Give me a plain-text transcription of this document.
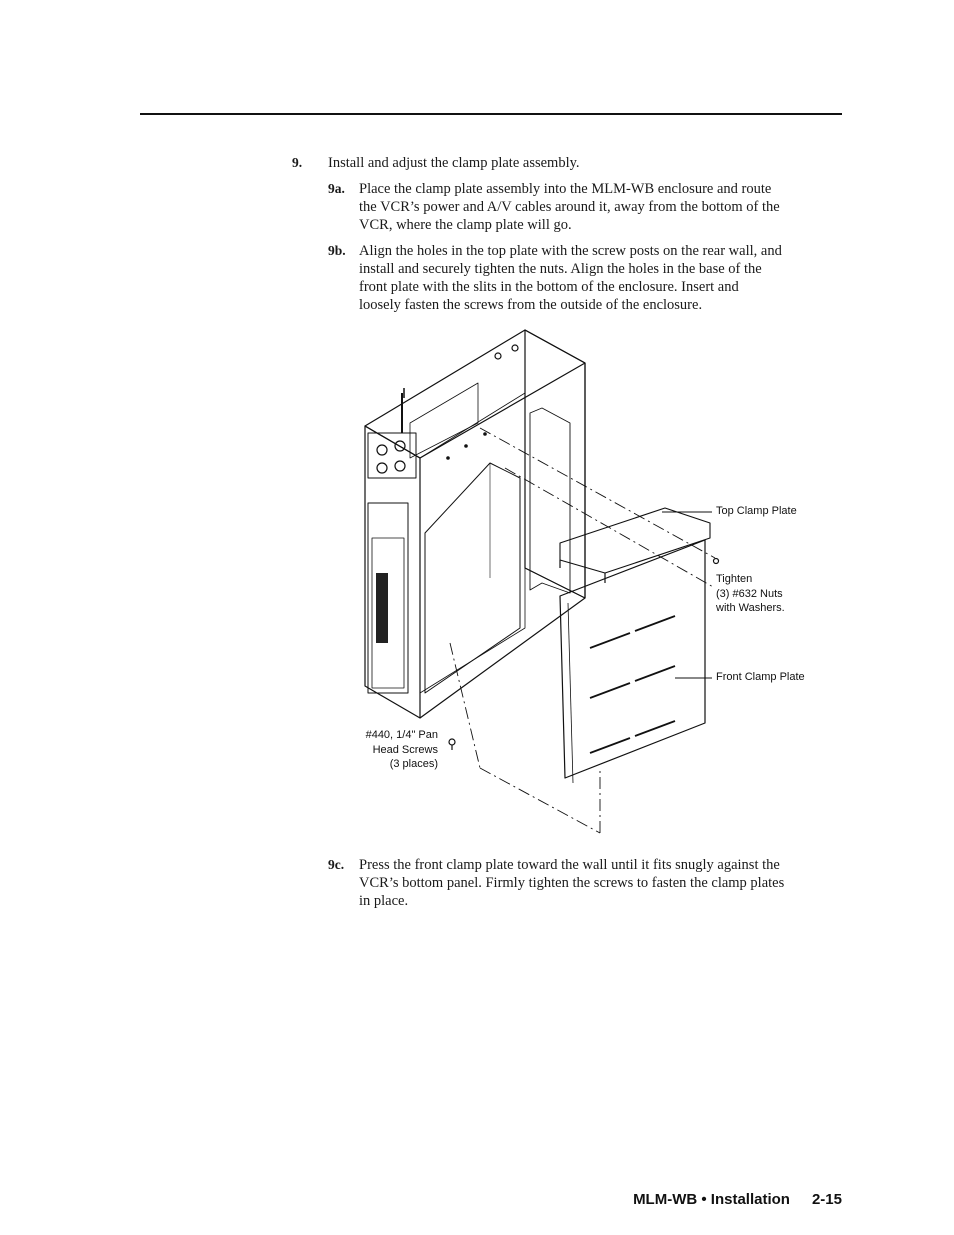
9. Install and adjust the clamp plate assembly.
9a. Place the clamp plate assembly into the MLM-WB enclosure and route
the VCR’s power and A/V cables around it, away from the bottom of the
VCR, where the clamp plate will go.
9b. Align the holes in the top plate with the screw posts on the rear wall, and
install and securely tighten the nuts. Align the holes in the base of the
front plate with the slits in the bottom of the enclosure. Insert and
loosely fasten the screws from the outside of the enclosure.
Top Clamp Plate
Tighten
(3) #632 Nuts
with Washers.
Front Clamp Plate
#440, 1/4" Pan
Head Screws
(3 places)
9c. Press the front clamp plate toward the wall until it fits snugly against the
VCR’s bottom panel. Firmly tighten the screws to fasten the clamp plates
in place.
MLM-WB • Installation 2-15
